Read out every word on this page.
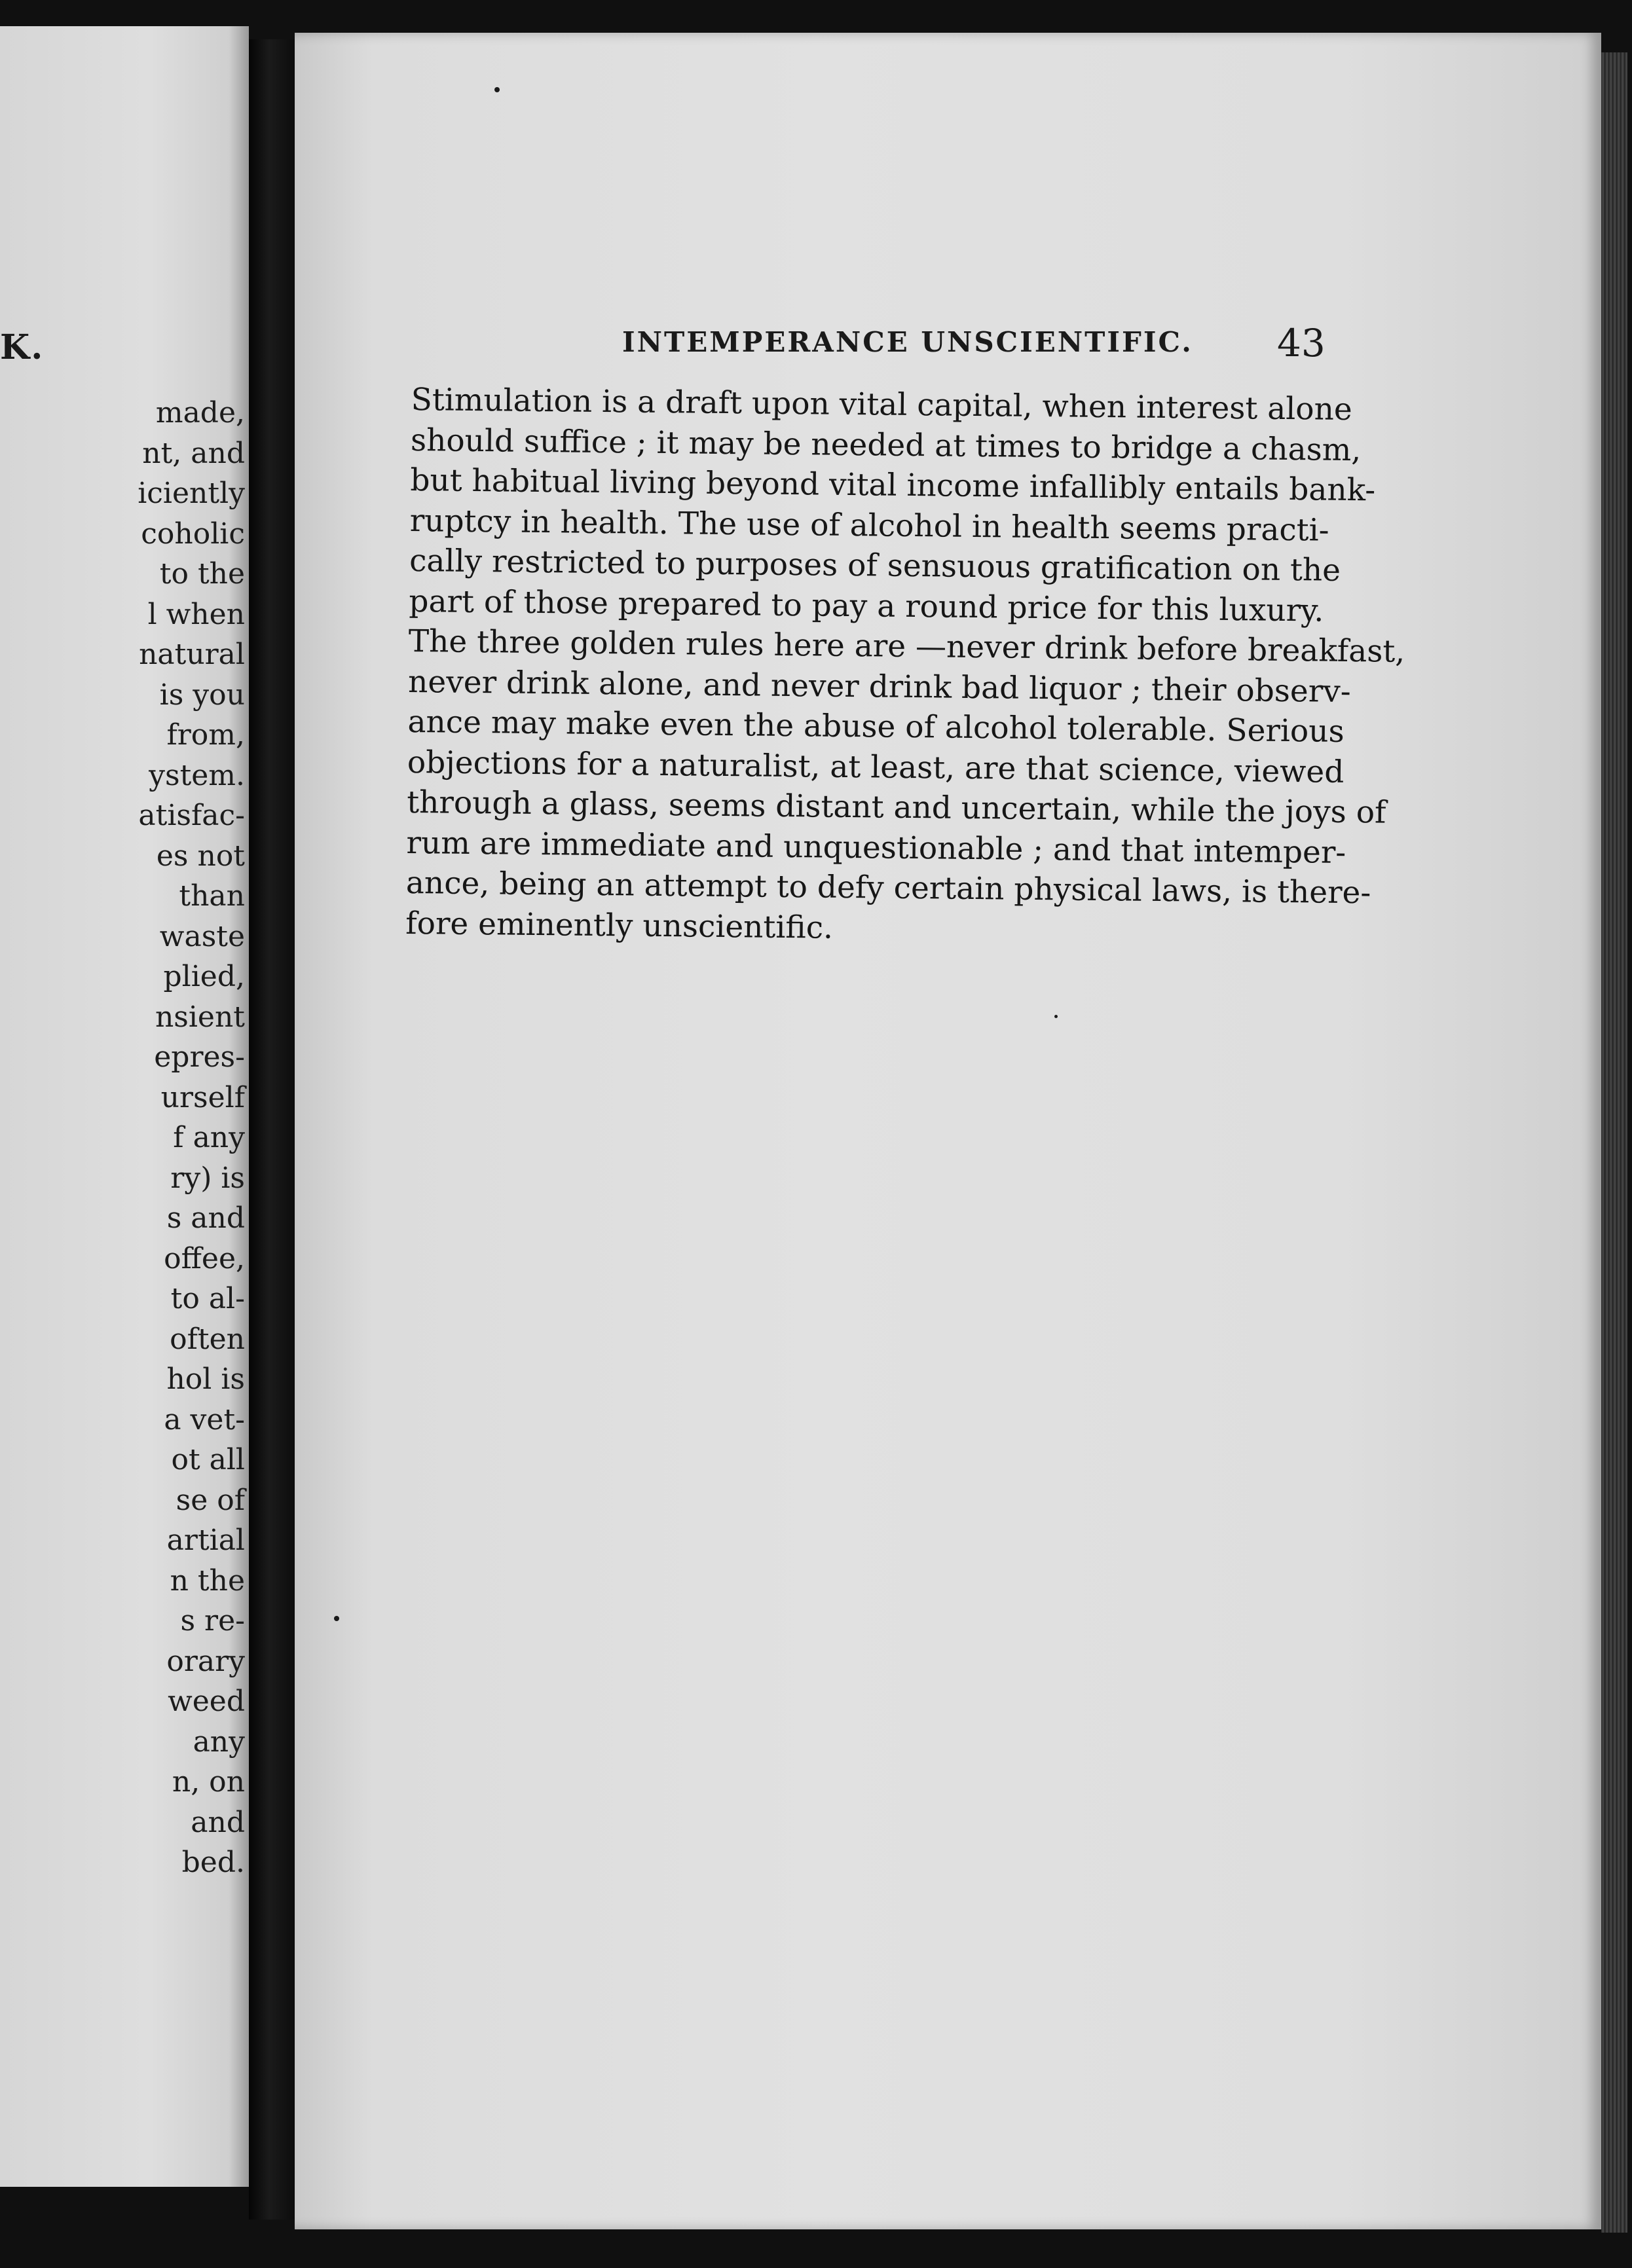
K.
made,
nt, and
iciently
coholic
to the
l when
natural
is you
from,
ystem.
atisfac-
es not
than
waste
plied,
nsient
epres-
urself
f any
ry) is
s and
offee,
to al-
often
hol is
a vet-
ot all
se of
artial
n the
s re-
orary
weed
any
n, on
and
bed.
INTEMPERANCE UNSCIENTIFIC. 43
Stimulation is a draft upon vital capital, when interest alone
should suffice ; it may be needed at times to bridge a chasm,
but habitual living beyond vital income infallibly entails bank-
ruptcy in health. The use of alcohol in health seems practi-
cally restricted to purposes of sensuous gratification on the
part of those prepared to pay a round price for this luxury.
The three golden rules here are —never drink before breakfast,
never drink alone, and never drink bad liquor ; their observ-
ance may make even the abuse of alcohol tolerable. Serious
objections for a naturalist, at least, are that science, viewed
through a glass, seems distant and uncertain, while the joys of
rum are immediate and unquestionable ; and that intemper-
ance, being an attempt to defy certain physical laws, is there-
fore eminently unscientific.
